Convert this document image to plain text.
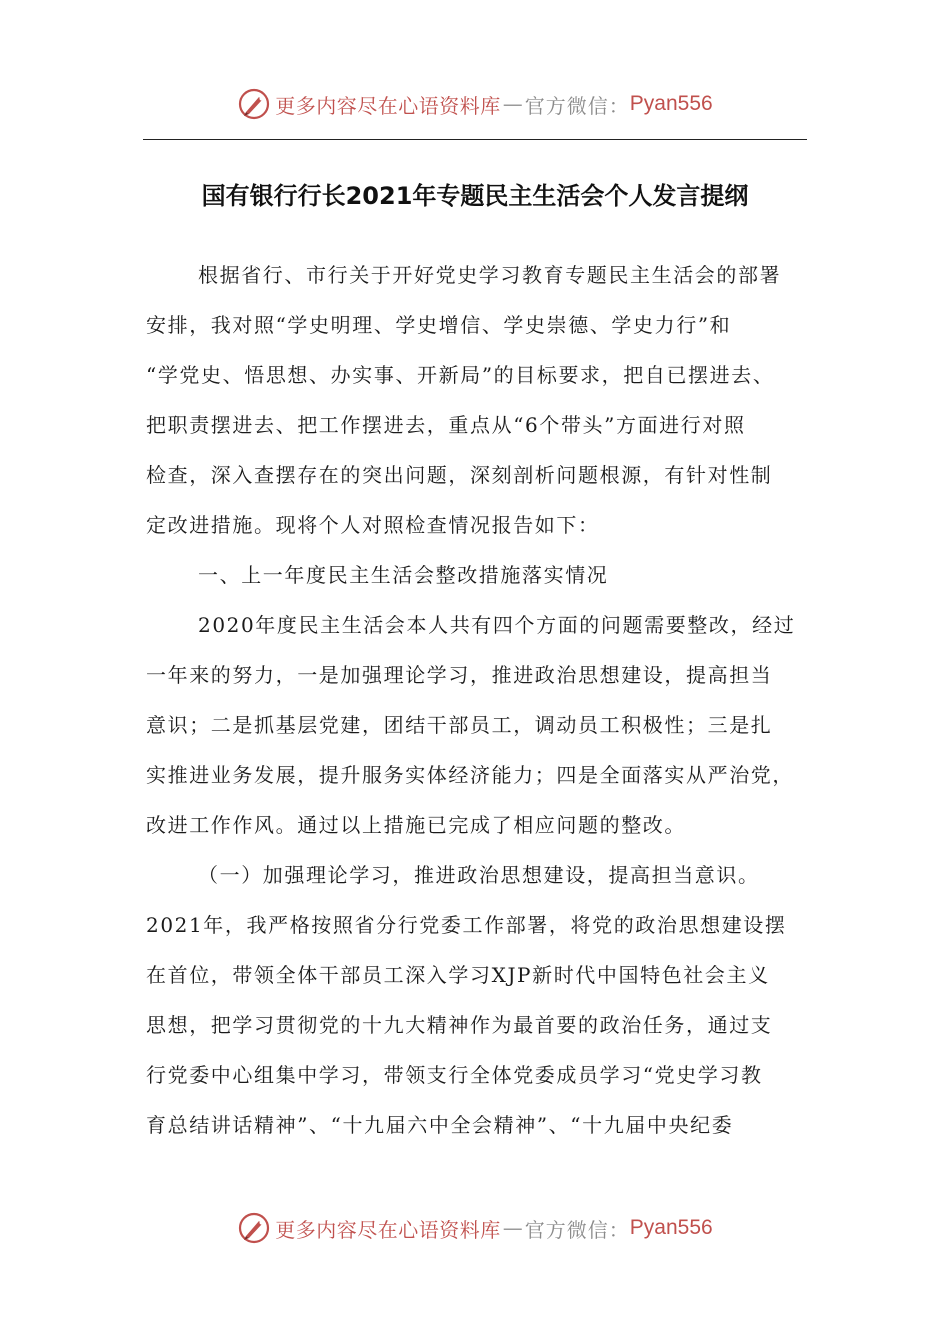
更多内容尽在心语资料库 — 官方微信： Pyan556
国有银行行长2021年专题民主生活会个人发言提纲
根据省行、市行关于开好党史学习教育专题民主生活会的部署
安排，我对照“学史明理、学史增信、学史崇德、学史力行”和
“学党史、悟思想、办实事、开新局”的目标要求，把自已摆进去、
把职责摆进去、把工作摆进去，重点从“6个带头”方面进行对照
检查，深入查摆存在的突出问题，深刻剖析问题根源，有针对性制
定改进措施。现将个人对照检查情况报告如下：
一、上一年度民主生活会整改措施落实情况
2020年度民主生活会本人共有四个方面的问题需要整改，经过
一年来的努力，一是加强理论学习，推进政治思想建设，提高担当
意识；二是抓基层党建，团结干部员工，调动员工积极性；三是扎
实推进业务发展，提升服务实体经济能力；四是全面落实从严治党，
改进工作作风。通过以上措施已完成了相应问题的整改。
（一）加强理论学习，推进政治思想建设，提高担当意识。
2021年，我严格按照省分行党委工作部署，将党的政治思想建设摆
在首位，带领全体干部员工深入学习XJP新时代中国特色社会主义
思想，把学习贯彻党的十九大精神作为最首要的政治任务，通过支
行党委中心组集中学习，带领支行全体党委成员学习“党史学习教
育总结讲话精神”、“十九届六中全会精神”、“十九届中央纪委
更多内容尽在心语资料库 — 官方微信： Pyan556
